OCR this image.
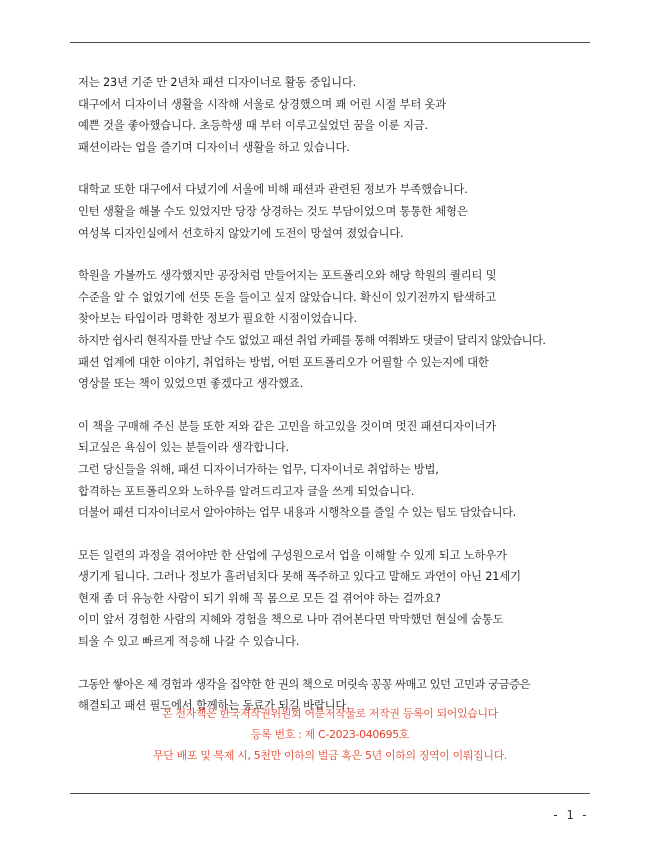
저는 23년 기준 만 2년차 패션 디자이너로 활동 중입니다.
대구에서 디자이너 생활을 시작해 서울로 상경했으며 꽤 어린 시절 부터 옷과
예쁜 것을 좋아했습니다. 초등학생 때 부터 이루고싶었던 꿈을 이룬 지금.
패션이라는 업을 즐기며 디자이너 생활을 하고 있습니다.
대학교 또한 대구에서 다녔기에 서울에 비해 패션과 관련된 정보가 부족했습니다.
인턴 생활을 해볼 수도 있었지만 당장 상경하는 것도 부담이었으며 통통한 체형은
여성복 디자인실에서 선호하지 않았기에 도전이 망설여 졌었습니다.
학원을 가볼까도 생각했지만 공장처럼 만들어지는 포트폴리오와 해당 학원의 퀄리티 및
수준을 알 수 없었기에 선뜻 돈을 들이고 싶지 않았습니다. 확신이 있기전까지 탐색하고
찾아보는 타입이라 명확한 정보가 필요한 시점이었습니다.
하지만 쉽사리 현직자를 만날 수도 없었고 패션 취업 카페를 통해 여쭤봐도 댓글이 달리지 않았습니다.
패션 업계에 대한 이야기, 취업하는 방법, 어떤 포트폴리오가 어필할 수 있는지에 대한
영상물 또는 책이 있었으면 좋겠다고 생각했죠.
이 책을 구매해 주신 분들 또한 저와 같은 고민을 하고있을 것이며 멋진 패션디자이너가
되고싶은 욕심이 있는 분들이라 생각합니다.
그런 당신들을 위해, 패션 디자이너가하는 업무, 디자이너로 취업하는 방법,
합격하는 포트폴리오와 노하우를 알려드리고자 글을 쓰게 되었습니다.
더불어 패션 디자이너로서 알아야하는 업무 내용과 시행착오를 줄일 수 있는 팁도 담았습니다.
모든 일련의 과정을 겪어야만 한 산업에 구성원으로서 업을 이해할 수 있게 되고 노하우가
생기게 됩니다. 그러나 정보가 흘러넘치다 못해 폭주하고 있다고 말해도 과언이 아닌 21세기
현재 좀 더 유능한 사람이 되기 위해 꼭 몸으로 모든 걸 겪어야 하는 걸까요?
이미 앞서 경험한 사람의 지혜와 경험을 책으로 나마 겪어본다면 막막했던 현실에 숨통도
틔울 수 있고 빠르게 적응해 나갈 수 있습니다.
그동안 쌓아온 제 경험과 생각을 집약한 한 권의 책으로 머릿속 꽁꽁 싸매고 있던 고민과 궁금증은
해결되고 패션 필드에서 함께하는 동료가 되길 바랍니다.
본 전자책은 한국저작권위원회 어문저작물로 저작권 등록이 되어있습니다
등록 번호 : 제 C-2023-040695호
무단 배포 및 복제 시, 5천만 이하의 벌금 혹은 5년 이하의 징역이 이뤄집니다.
- 1 -
